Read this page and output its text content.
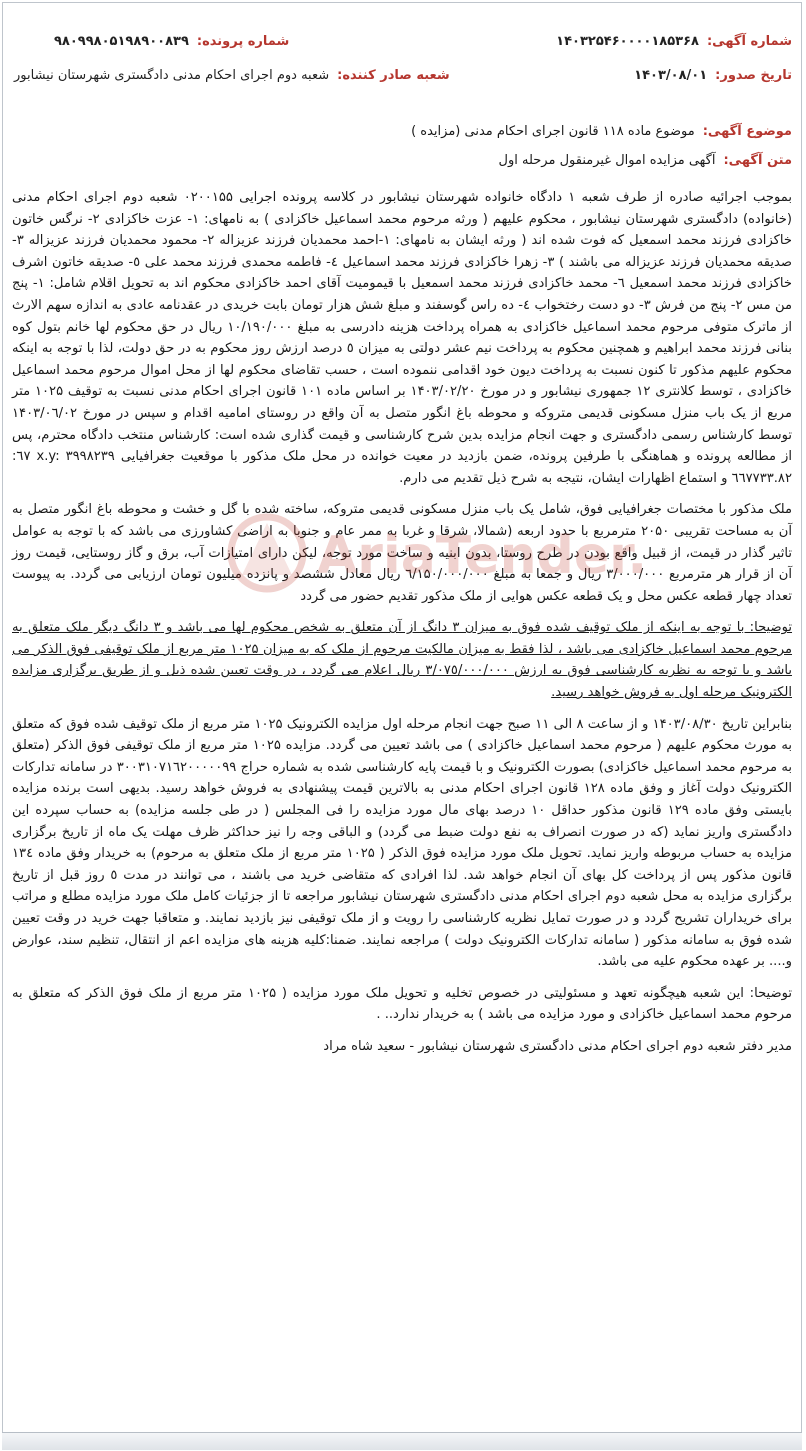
شماره آگهی:
۱۴۰۳۲۵۴۶۰۰۰۰۱۸۵۳۶۸
شماره پرونده:
۹۸۰۹۹۸۰۵۱۹۸۹۰۰۸۳۹
تاریخ صدور:
۱۴۰۳/۰۸/۰۱
شعبه صادر کننده:
شعبه دوم اجرای احکام مدنی دادگستری شهرستان نیشابور
موضوع آگهی:
موضوع ماده ۱۱۸ قانون اجرای احکام مدنی (مزایده )
متن آگهی:
آگهی مزایده اموال غیرمنقول مرحله اول

بموجب اجرائیه صادره از طرف شعبه ۱ دادگاه خانواده شهرستان نیشابور در کلاسه پرونده اجرایی ۰۲۰۰۱۵۵ شعبه دوم اجرای احکام مدنی (خانواده) دادگستری شهرستان نیشابور ، محکوم علیهم ( ورثه مرحوم محمد اسماعیل خاکزادی ) به نامهای: ۱- عزت خاکزادی ۲- نرگس خاتون خاکزادی فرزند محمد اسمعیل که فوت شده اند ( ورثه ایشان به نامهای: ۱-احمد محمدیان فرزند عزیزاله ۲- محمود محمدیان فرزند عزیزاله ۳- صدیقه محمدیان فرزند عزیزاله می باشند ) ۳- زهرا خاکزادی فرزند محمد اسماعیل ٤- فاطمه محمدی فرزند محمد علی ٥- صدیقه خاتون اشرف خاکزادی فرزند محمد اسمعیل ٦- محمد خاکزادی فرزند محمد اسمعیل با قیمومیت آقای احمد خاکزادی محکوم اند به تحویل اقلام شامل: ۱- پنج من مس ۲- پنج من فرش ۳- دو دست رختخواب ٤- ده راس گوسفند و مبلغ شش هزار تومان بابت خریدی در عقدنامه عادی به اندازه سهم الارث از ماترک متوفی مرحوم محمد اسماعیل خاکزادی به همراه پرداخت هزینه دادرسی به مبلغ ۱۰/۱۹۰/۰۰۰ ریال در حق محکوم لها خانم بتول کوه بنانی فرزند محمد ابراهیم و همچنین محکوم به پرداخت نیم عشر دولتی به میزان ٥ درصد ارزش روز محکوم به در حق دولت، لذا با توجه به اینکه محکوم علیهم مذکور تا کنون نسبت به پرداخت دیون خود اقدامی ننموده است ، حسب تقاضای محکوم لها از محل اموال مرحوم محمد اسماعیل خاکزادی ، توسط کلانتری ۱۲ جمهوری نیشابور و در مورخ ۱۴۰۳/۰۲/۲۰ بر اساس ماده ۱۰۱ قانون اجرای احکام مدنی نسبت به توقیف ۱۰۲۵ متر مربع از یک باب منزل مسکونی قدیمی متروکه و محوطه باغ انگور متصل به آن واقع در روستای امامیه اقدام و سپس در مورخ ۱۴۰۳/۰٦/۰۲ توسط کارشناس رسمی دادگستری و جهت انجام مزایده بدین شرح کارشناسی و قیمت گذاری شده است: کارشناس منتخب دادگاه محترم، پس از مطالعه پرونده و هماهنگی با طرفین پرونده، ضمن بازدید در معیت خوانده در محل ملک مذکور با موقعیت جغرافیایی y: ۳۹۹۸۲۳۹.٦۷ x: ٦٦۷۷۳۳.۸۲ و استماع اظهارات ایشان، نتیجه به شرح ذیل تقدیم می دارم.

ملک مذکور با مختصات جغرافیایی فوق، شامل یک باب منزل مسکونی قدیمی متروکه، ساخته شده با گل و خشت و محوطه باغ انگور متصل به آن به مساحت تقریبی ۲۰۵۰ مترمربع با حدود اربعه (شمالا، شرقا و غربا به ممر عام و جنوبا به اراضی کشاورزی می باشد که با توجه به عوامل تاثیر گذار در قیمت، از قبیل واقع بودن در طرح روستا، بدون ابنیه و ساخت مورد توجه، لیکن دارای امتیازات آب، برق و گاز روستایی، قیمت روز آن از قرار هر مترمربع ۳/۰۰۰/۰۰۰ ریال و جمعا به مبلغ ٦/۱۵۰/۰۰۰/۰۰۰ ریال معادل ششصد و پانزده میلیون تومان ارزیابی می گردد. به پیوست تعداد چهار قطعه عکس محل و یک قطعه عکس هوایی از ملک مذکور تقدیم حضور می گردد

توضیحا: با توجه به اینکه از ملک توقیف شده فوق به میزان ۳ دانگ از آن متعلق به شخص محکوم لها می باشد و ۳ دانگ دیگر ملک متعلق به مرحوم محمد اسماعیل خاکزادی می باشد ، لذا فقط به میزان مالکیت مرحوم از ملک که به میزان ۱۰۲۵ متر مربع از ملک توقیفی فوق الذکر می باشد و با توجه به نظریه کارشناسی فوق به ارزش ۳/۰۷٥/۰۰۰/۰۰۰ ریال اعلام می گردد ، در وقت تعیین شده ذیل و از طریق برگزاری مزایده الکترونیک مرحله اول به فروش خواهد رسید.

بنابراین تاریخ ۱۴۰۳/۰۸/۳۰ و از ساعت ۸ الی ۱۱ صبح جهت انجام مرحله اول مزایده الکترونیک ۱۰۲۵ متر مربع از ملک توقیف شده فوق که متعلق به مورث محکوم علیهم ( مرحوم محمد اسماعیل خاکزادی ) می باشد تعیین می گردد. مزایده ۱۰۲۵ متر مربع از ملک توقیفی فوق الذکر (متعلق به مرحوم محمد اسماعیل خاکزادی) بصورت الکترونیک و با قیمت پایه کارشناسی شده به شماره حراج ۳۰۰۳۱۰۷۱٦۲۰۰۰۰۰۹۹ در سامانه تدارکات الکترونیک دولت آغاز و وفق ماده ۱۲۸ قانون اجرای احکام مدنی به بالاترین قیمت پیشنهادی به فروش خواهد رسید. بدیهی است برنده مزایده بایستی وفق ماده ۱۲۹ قانون مذکور حداقل ۱۰ درصد بهای مال مورد مزایده را فی المجلس ( در طی جلسه مزایده) به حساب سپرده این دادگستری واریز نماید (که در صورت انصراف به نفع دولت ضبط می گردد) و الباقی وجه را نیز حداکثر ظرف مهلت یک ماه از تاریخ برگزاری مزایده به حساب مربوطه واریز نماید. تحویل ملک مورد مزایده فوق الذکر ( ۱۰۲۵ متر مربع از ملک متعلق به مرحوم) به خریدار وفق ماده ۱۳٤ قانون مذکور پس از پرداخت کل بهای آن انجام خواهد شد. لذا افرادی که متقاضی خرید می باشند ، می توانند در مدت ٥ روز قبل از تاریخ برگزاری مزایده به محل شعبه دوم اجرای احکام مدنی دادگستری شهرستان نیشابور مراجعه تا از جزئیات کامل ملک مورد مزایده مطلع و مراتب برای خریداران تشریح گردد و در صورت تمایل نظریه کارشناسی را رویت و از ملک توقیفی نیز بازدید نمایند. و متعاقبا جهت خرید در وقت تعیین شده فوق به سامانه مذکور ( سامانه تدارکات الکترونیک دولت ) مراجعه نمایند. ضمنا:کلیه هزینه های مزایده اعم از انتقال، تنظیم سند، عوارض و.... بر عهده محکوم علیه می باشد.

توضیحا: این شعبه هیچگونه تعهد و مسئولیتی در خصوص تخلیه و تحویل ملک مورد مزایده ( ۱۰۲۵ متر مربع از ملک فوق الذکر که متعلق به مرحوم محمد اسماعیل خاکزادی و مورد مزایده می باشد ) به خریدار ندارد.. .

مدیر دفتر شعبه دوم اجرای احکام مدنی دادگستری شهرستان نیشابور - سعید شاه مراد

AriaTender
